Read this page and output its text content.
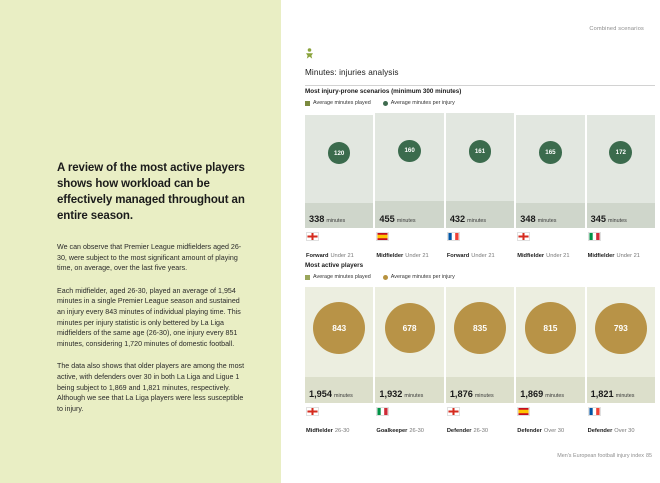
A review of the most active players shows how workload can be effectively managed throughout an entire season.
We can observe that Premier League midfielders aged 26-30, were subject to the most significant amount of playing time, on average, over the last five years.
Each midfielder, aged 26-30, played an average of 1,954 minutes in a single Premier League season and sustained an injury every 843 minutes of individual playing time. This minutes per injury statistic is only bettered by La Liga midfielders of the same age (26-30), one injury every 851 minutes, considering 1,720 minutes of domestic football.
The data also shows that older players are among the most active, with defenders over 30 in both La Liga and Ligue 1 being subject to 1,869 and 1,821 minutes, respectively. Although we see that La Liga players were less susceptible to injury.
Combined scenarios
Minutes: injuries analysis
Most injury-prone scenarios (minimum 300 minutes)
Average minutes played	Average minutes per injury
120
338 minutes
160
455 minutes
161
432 minutes
165
348 minutes
172
345 minutes
Forward Under 21	Midfielder Under 21	Forward Under 21	Midfielder Under 21	Midfielder Under 21
Most active players
Average minutes played	Average minutes per injury
843
1,954 minutes
678
1,932 minutes
835
1,876 minutes
815
1,869 minutes
793
1,821 minutes
Midfielder 26-30	Goalkeeper 26-30	Defender 26-30	Defender Over 30	Defender Over 30
Men's European football injury index 85
